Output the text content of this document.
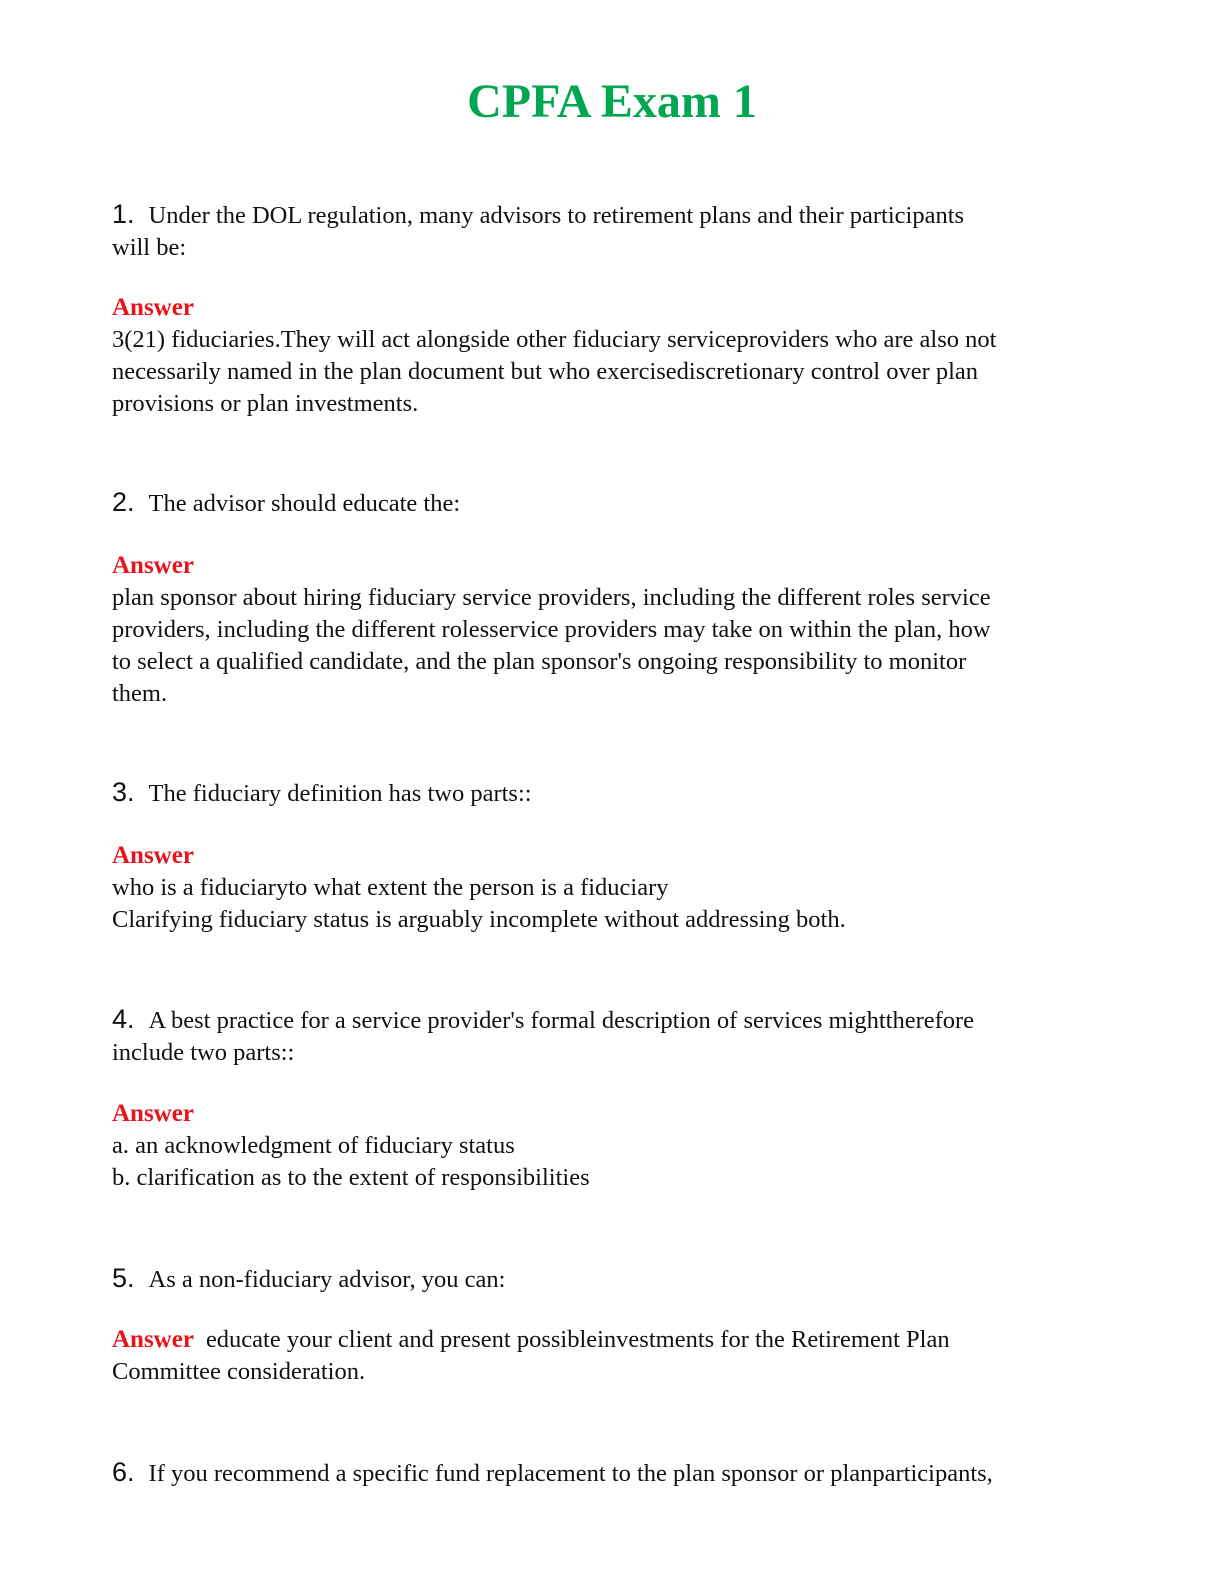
CPFA Exam 1
1. Under the DOL regulation, many advisors to retirement plans and their participants
will be:
Answer
3(21) fiduciaries.They will act alongside other fiduciary serviceproviders who are also not
necessarily named in the plan document but who exercisediscretionary control over plan
provisions or plan investments.
2. The advisor should educate the:
Answer
plan sponsor about hiring fiduciary service providers, including the different roles service
providers, including the different rolesservice providers may take on within the plan, how
to select a qualified candidate, and the plan sponsor's ongoing responsibility to monitor
them.
3. The fiduciary definition has two parts::
Answer
who is a fiduciaryto what extent the person is a fiduciary
Clarifying fiduciary status is arguably incomplete without addressing both.
4. A best practice for a service provider's formal description of services mighttherefore
include two parts::
Answer
a. an acknowledgment of fiduciary status
b. clarification as to the extent of responsibilities
5. As a non-fiduciary advisor, you can:
Answer educate your client and present possibleinvestments for the Retirement Plan
Committee consideration.
6. If you recommend a specific fund replacement to the plan sponsor or planparticipants,
